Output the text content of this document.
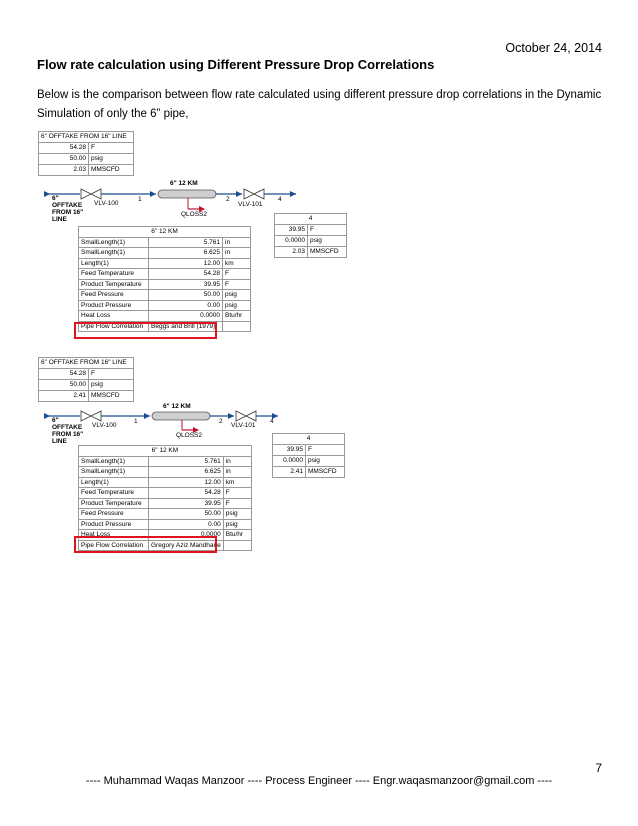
October 24, 2014
Flow rate calculation using Different Pressure Drop Correlations
Below is the comparison between flow rate calculated using different pressure drop correlations in the Dynamic Simulation of only the 6” pipe,
6" OFFTAKE FROM 16" LINE	
54.28	F
50.00	psig
2.03	MMSCFD
6" 12 KM
6"
OFFTAKE
FROM 16"
LINE
VLV-100
1	2
VLV-101
4
QLOSS2
6" 12 KM		
SmallLength(1)	5.761	in
SmallLength(1)	6.625	in
Length(1)	12.00	km
Feed Temperature	54.28	F
Product Temperature	39.95	F
Feed Pressure	50.00	psig
Product Pressure	0.00	psig
Heat Loss	0.0000	Btu/hr
Pipe Flow Correlation	Beggs and Brill (1979)	
4	
39.95	F
0.0000	psig
2.03	MMSCFD
6" OFFTAKE FROM 16" LINE	
54.28	F
50.00	psig
2.41	MMSCFD
6" 12 KM
6"
OFFTAKE
FROM 16"
LINE
VLV-100
1	2
VLV-101
4
QLOSS2
6" 12 KM		
SmallLength(1)	5.761	in
SmallLength(1)	6.625	in
Length(1)	12.00	km
Feed Temperature	54.28	F
Product Temperature	39.95	F
Feed Pressure	50.00	psig
Product Pressure	0.00	psig
Heat Loss	0.0000	Btu/hr
Pipe Flow Correlation	Gregory Aziz Mandhane	
4	
39.95	F
0.0000	psig
2.41	MMSCFD
7
---- Muhammad Waqas Manzoor ---- Process Engineer ---- Engr.waqasmanzoor@gmail.com ----
